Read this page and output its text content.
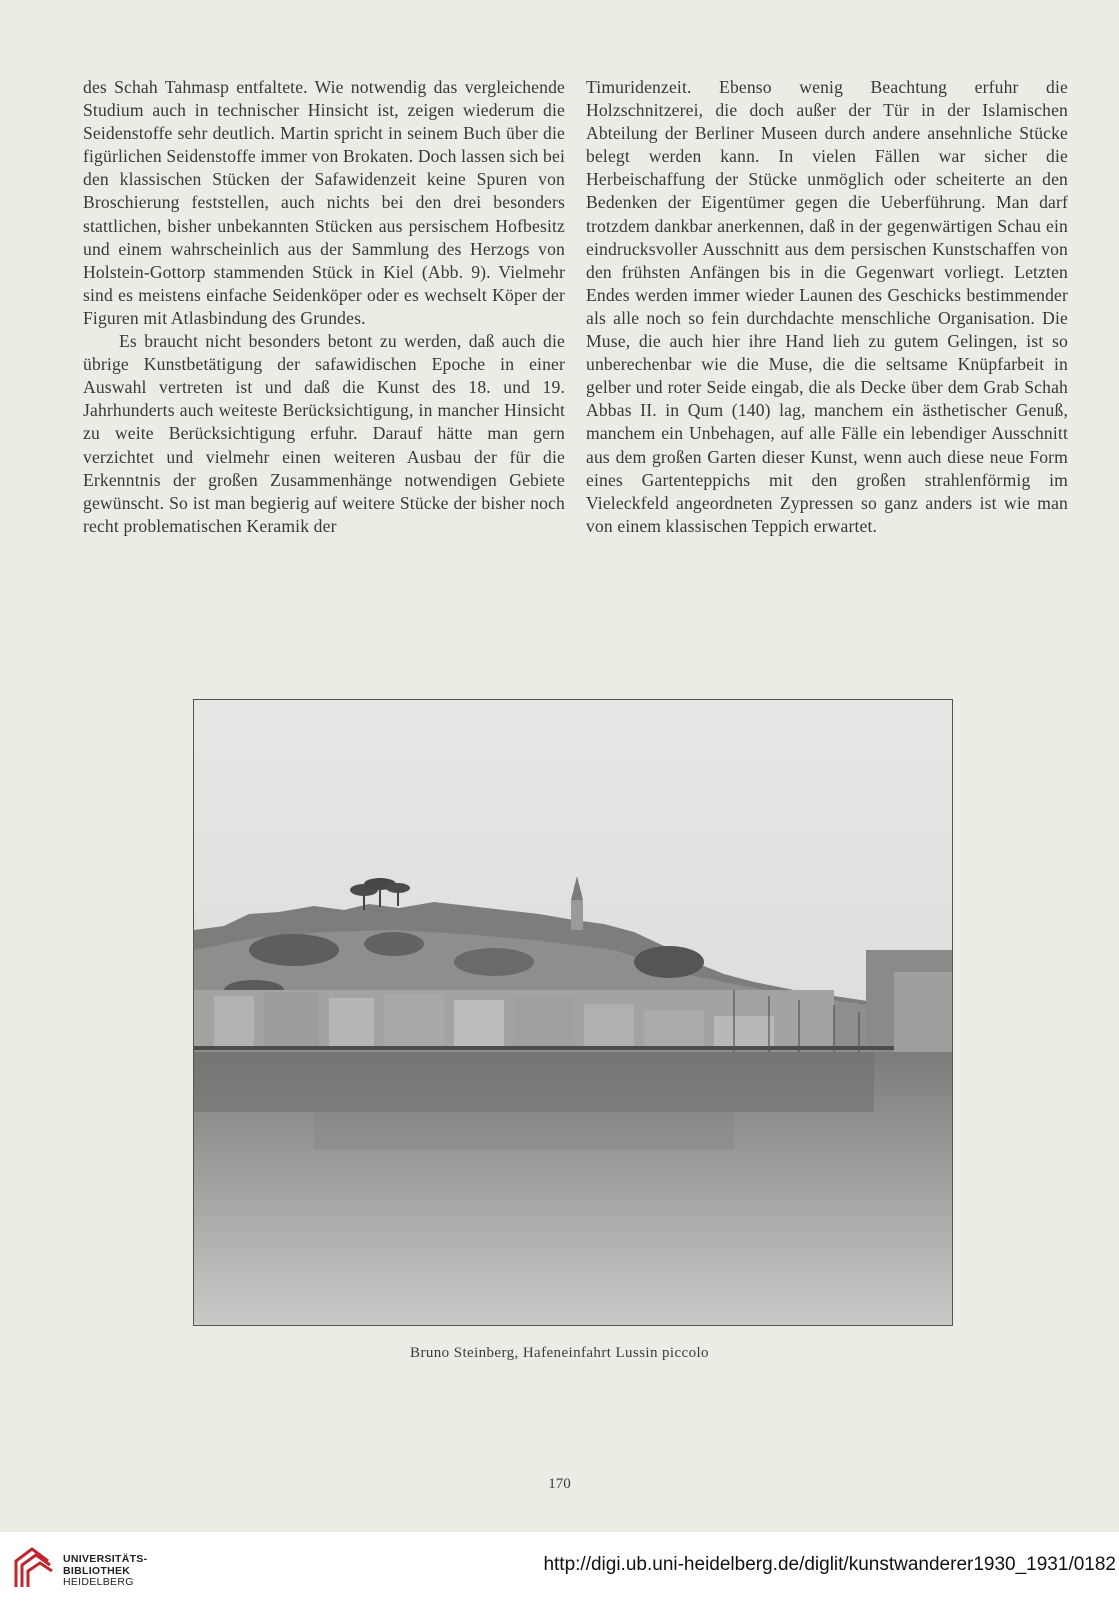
des Schah Tahmasp entfaltete. Wie notwendig das vergleichende Studium auch in technischer Hinsicht ist, zeigen wiederum die Seidenstoffe sehr deutlich. Martin spricht in seinem Buch über die figürlichen Seidenstoffe immer von Brokaten. Doch lassen sich bei den klassischen Stücken der Safawidenzeit keine Spuren von Broschierung feststellen, auch nichts bei den drei besonders stattlichen, bisher unbekannten Stücken aus persischem Hofbesitz und einem wahrscheinlich aus der Sammlung des Herzogs von Holstein-Gottorp stammenden Stück in Kiel (Abb. 9). Vielmehr sind es meistens einfache Seidenköper oder es wechselt Köper der Figuren mit Atlasbindung des Grundes.

Es braucht nicht besonders betont zu werden, daß auch die übrige Kunstbetätigung der safawidischen Epoche in einer Auswahl vertreten ist und daß die Kunst des 18. und 19. Jahrhunderts auch weiteste Berücksichtigung, in mancher Hinsicht zu weite Berücksichtigung erfuhr. Darauf hätte man gern verzichtet und vielmehr einen weiteren Ausbau der für die Erkenntnis der großen Zusammenhänge notwendigen Gebiete gewünscht. So ist man begierig auf weitere Stücke der bisher noch recht problematischen Keramik der

Timuridenzeit. Ebenso wenig Beachtung erfuhr die Holzschnitzerei, die doch außer der Tür in der Islamischen Abteilung der Berliner Museen durch andere ansehnliche Stücke belegt werden kann. In vielen Fällen war sicher die Herbeischaffung der Stücke unmöglich oder scheiterte an den Bedenken der Eigentümer gegen die Ueberführung. Man darf trotzdem dankbar anerkennen, daß in der gegenwärtigen Schau ein eindrucksvoller Ausschnitt aus dem persischen Kunstschaffen von den frühsten Anfängen bis in die Gegenwart vorliegt. Letzten Endes werden immer wieder Launen des Geschicks bestimmender als alle noch so fein durchdachte menschliche Organisation. Die Muse, die auch hier ihre Hand lieh zu gutem Gelingen, ist so unberechenbar wie die Muse, die die seltsame Knüpfarbeit in gelber und roter Seide eingab, die als Decke über dem Grab Schah Abbas II. in Qum (140) lag, manchem ein ästhetischer Genuß, manchem ein Unbehagen, auf alle Fälle ein lebendiger Ausschnitt aus dem großen Garten dieser Kunst, wenn auch diese neue Form eines Gartenteppichs mit den großen strahlenförmig im Vieleckfeld angeordneten Zypressen so ganz anders ist wie man von einem klassischen Teppich erwartet.

Bruno Steinberg, Hafeneinfahrt Lussin piccolo
170
UNIVERSITÄTS-
BIBLIOTHEK
HEIDELBERG
http://digi.ub.uni-heidelberg.de/diglit/kunstwanderer1930_1931/0182
